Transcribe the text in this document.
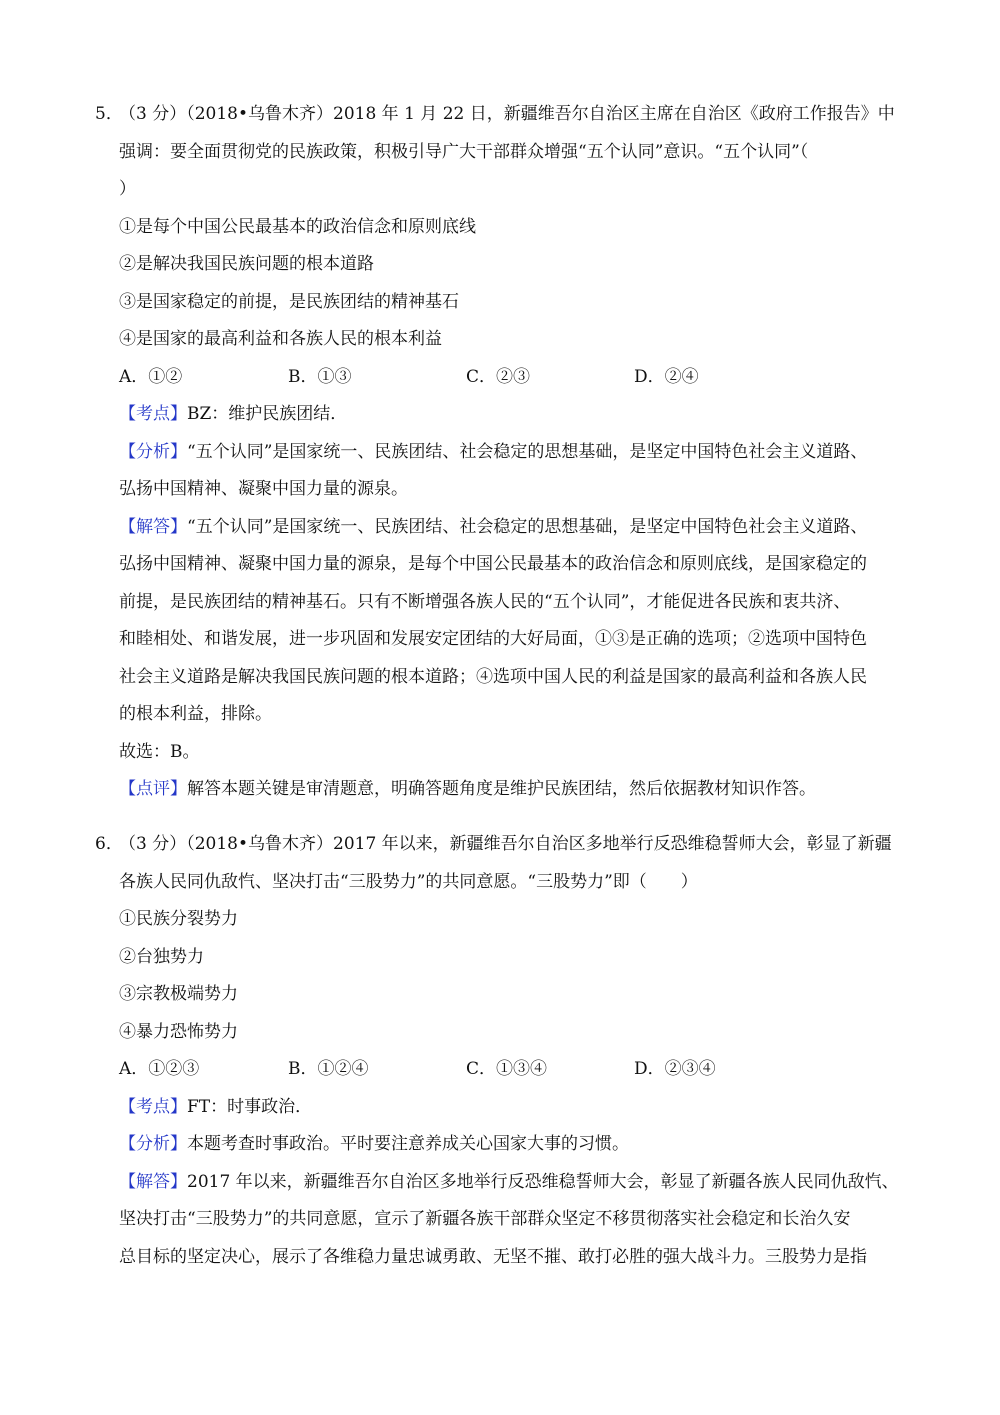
5．（3 分）（2018•乌鲁木齐）2018 年 1 月 22 日，新疆维吾尔自治区主席在自治区《政府工作报告》中
强调：要全面贯彻党的民族政策，积极引导广大干部群众增强“五个认同”意识。“五个认同”（
）
①是每个中国公民最基本的政治信念和原则底线
②是解决我国民族问题的根本道路
③是国家稳定的前提，是民族团结的精神基石
④是国家的最高利益和各族人民的根本利益
A．①②	B．①③	C．②③	D．②④
【考点】BZ：维护民族团结．
【分析】“五个认同”是国家统一、民族团结、社会稳定的思想基础，是坚定中国特色社会主义道路、
弘扬中国精神、凝聚中国力量的源泉。
【解答】“五个认同”是国家统一、民族团结、社会稳定的思想基础，是坚定中国特色社会主义道路、
弘扬中国精神、凝聚中国力量的源泉，是每个中国公民最基本的政治信念和原则底线，是国家稳定的
前提，是民族团结的精神基石。只有不断增强各族人民的“五个认同”，才能促进各民族和衷共济、
和睦相处、和谐发展，进一步巩固和发展安定团结的大好局面，①③是正确的选项；②选项中国特色
社会主义道路是解决我国民族问题的根本道路；④选项中国人民的利益是国家的最高利益和各族人民
的根本利益，排除。
故选：B。
【点评】解答本题关键是审清题意，明确答题角度是维护民族团结，然后依据教材知识作答。
6．（3 分）（2018•乌鲁木齐）2017 年以来，新疆维吾尔自治区多地举行反恐维稳誓师大会，彰显了新疆
各族人民同仇敌忾、坚决打击“三股势力”的共同意愿。“三股势力”即（　　）
①民族分裂势力
②台独势力
③宗教极端势力
④暴力恐怖势力
A．①②③	B．①②④	C．①③④	D．②③④
【考点】FT：时事政治．
【分析】本题考查时事政治。平时要注意养成关心国家大事的习惯。
【解答】2017 年以来，新疆维吾尔自治区多地举行反恐维稳誓师大会，彰显了新疆各族人民同仇敌忾、
坚决打击“三股势力”的共同意愿，宣示了新疆各族干部群众坚定不移贯彻落实社会稳定和长治久安
总目标的坚定决心，展示了各维稳力量忠诚勇敢、无坚不摧、敢打必胜的强大战斗力。三股势力是指
